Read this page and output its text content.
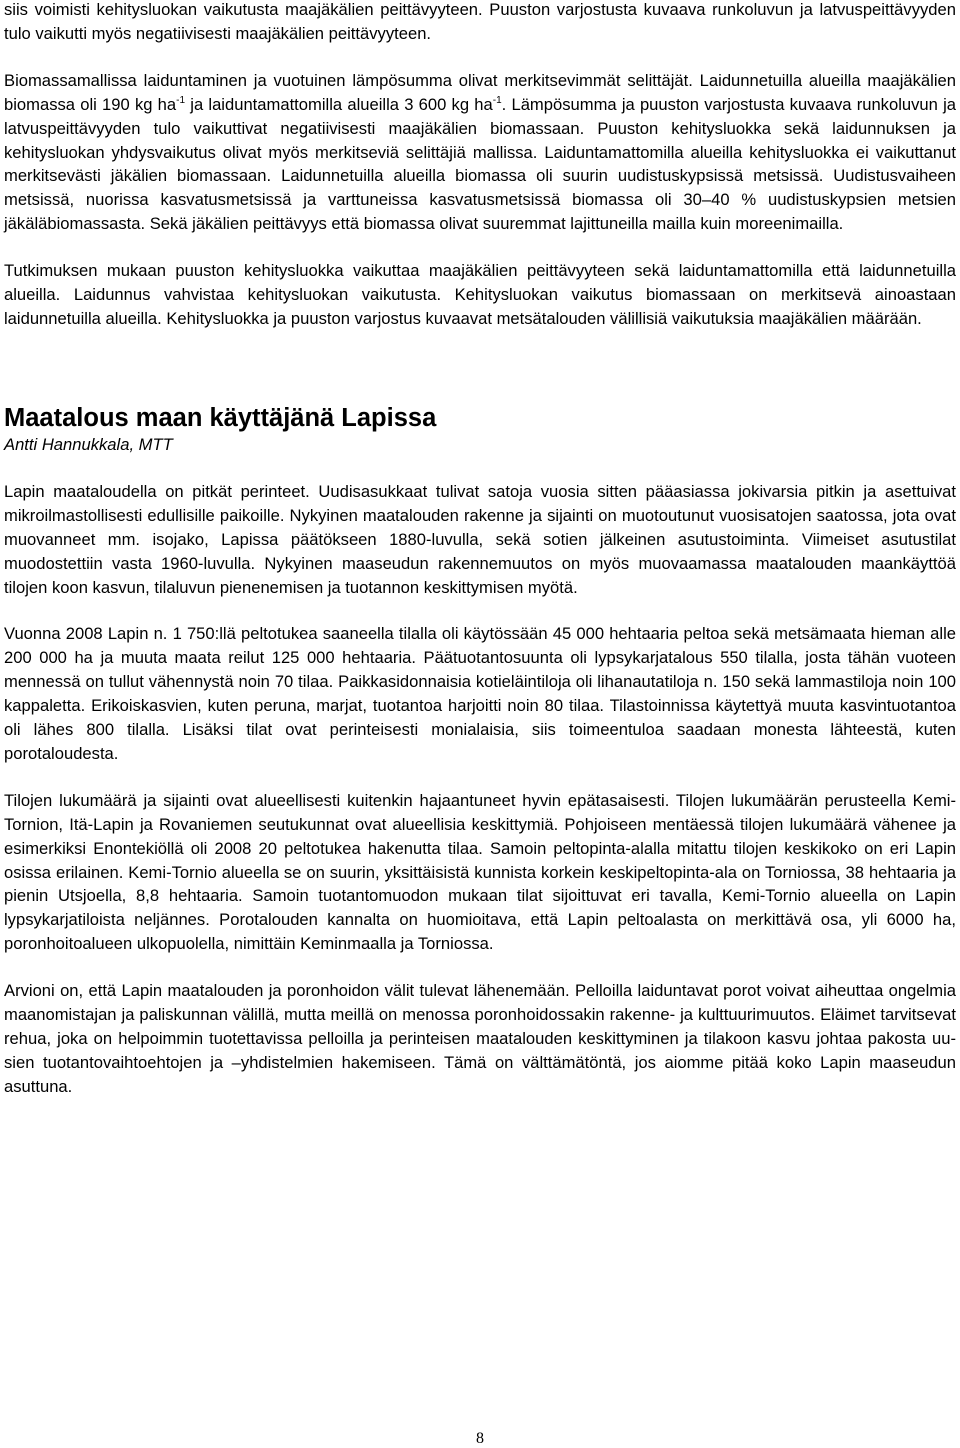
siis voimisti kehitysluokan vaikutusta maajäkälien peittävyyteen. Puuston varjostusta kuvaava runkoluvun ja latvuspeittävyyden tulo vaikutti myös negatiivisesti maajäkälien peittävyyteen.

Biomassamallissa laiduntaminen ja vuotuinen lämpösumma olivat merkitsevimmät selittäjät. Laidunnetuilla alueilla maajäkälien biomassa oli 190 kg $ha^{-1}$ ja laiduntamattomilla alueilla 3 600 kg $ha^{-1}$. Lämpösumma ja puuston varjostusta kuvaava runkoluvun ja latvuspeittävyyden tulo vaikuttivat negatiivisesti maajäkälien biomassaan. Puuston kehitysluokka sekä laidunnuksen ja kehitysluokan yhdysvaikutus olivat myös merkitseviä selittäjiä mallissa. Laiduntamattomilla alueilla kehitysluokka ei vaikuttanut merkitsevästi jäkälien biomassaan. Laidunnetuilla alueilla biomassa oli suurin uudistuskypsissä metsissä. Uudistusvaiheen metsissä, nuorissa kasvatusmetsissä ja varttuneissa kasvatusmetsissä biomassa oli 30–40 % uudistuskypsien metsien jäkäläbiomassasta. Sekä jäkälien peittävyys että biomassa olivat suuremmat lajittuneilla mailla kuin moreenimailla.

Tutkimuksen mukaan puuston kehitysluokka vaikuttaa maajäkälien peittävyyteen sekä laiduntamattomilla että laidunnetuilla alueilla. Laidunnus vahvistaa kehitysluokan vaikutusta. Kehitysluokan vaikutus biomassaan on merkitsevä ainoastaan laidunnetuilla alueilla. Kehitysluokka ja puuston varjostus kuvaavat metsätalouden välillisiä vaikutuksia maajäkälien määrään.

Maatalous maan käyttäjänä Lapissa

Antti Hannukkala, MTT

Lapin maataloudella on pitkät perinteet. Uudisasukkaat tulivat satoja vuosia sitten pääasiassa jokivarsia pitkin ja asettuivat mikroilmastollisesti edullisille paikoille. Nykyinen maatalouden rakenne ja sijainti on muotoutunut vuosisatojen saatossa, jota ovat muovanneet mm. isojako, Lapissa päätökseen 1880-luvulla, sekä sotien jälkeinen asutustoiminta. Viimeiset asutustilat muodostettiin vasta 1960-luvulla. Nykyinen maaseudun rakennemuutos on myös muovaamassa maatalouden maankäyttöä tilojen koon kasvun, tilaluvun pienenemisen ja tuotannon keskittymisen myötä.

Vuonna 2008 Lapin n. 1 750:llä peltotukea saaneella tilalla oli käytössään 45 000 hehtaaria peltoa sekä metsämaata hieman alle 200 000 ha ja muuta maata reilut 125 000 hehtaaria. Päätuotantosuunta oli lypsykarjatalous 550 tilalla, josta tähän vuoteen mennessä on tullut vähennystä noin 70 tilaa. Paikkasidonnaisia kotieläintiloja oli lihanautatiloja n. 150 sekä lammastiloja noin 100 kappaletta. Erikoiskasvien, kuten peruna, marjat, tuotantoa harjoitti noin 80 tilaa. Tilastoinnissa käytettyä muuta kasvintuotantoa oli lähes 800 tilalla. Lisäksi tilat ovat perinteisesti monialaisia, siis toimeentuloa saadaan monesta lähteestä, kuten porotaloudesta.

Tilojen lukumäärä ja sijainti ovat alueellisesti kuitenkin hajaantuneet hyvin epätasaisesti. Tilojen lukumäärän perusteella Kemi-Tornion, Itä-Lapin ja Rovaniemen seutukunnat ovat alueellisia keskittymiä. Pohjoiseen mentäessä tilojen lukumäärä vähenee ja esimerkiksi Enontekiöllä oli 2008 20 peltotukea hakenutta tilaa. Samoin peltopinta-alalla mitattu tilojen keskikoko on eri Lapin osissa erilainen. Kemi-Tornio alueella se on suurin, yksittäisistä kunnista korkein keskipeltopinta-ala on Torniossa, 38 hehtaaria ja pienin Utsjoella, 8,8 hehtaaria. Samoin tuotantomuodon mukaan tilat sijoittuvat eri tavalla, Kemi-Tornio alueella on Lapin lypsykarjatiloista neljännes. Porotalouden kannalta on huomioitava, että Lapin peltoalasta on merkittävä osa, yli 6000 ha, poronhoitoalueen ulkopuolella, nimittäin Keminmaalla ja Torniossa.

Arvioni on, että Lapin maatalouden ja poronhoidon välit tulevat lähenemään. Pelloilla laiduntavat porot voivat aiheuttaa ongelmia maanomistajan ja paliskunnan välillä, mutta meillä on menossa poronhoidossakin rakenne- ja kulttuurimuutos. Eläimet tarvitsevat rehua, joka on helpoimmin tuotettavissa pelloilla ja perinteisen maatalouden keskittyminen ja tilakoon kasvu johtaa pakosta uusien tuotantovaihtoehtojen ja –yhdistelmien hakemiseen. Tämä on välttämätöntä, jos aiomme pitää koko Lapin maaseudun asuttuna.

8
